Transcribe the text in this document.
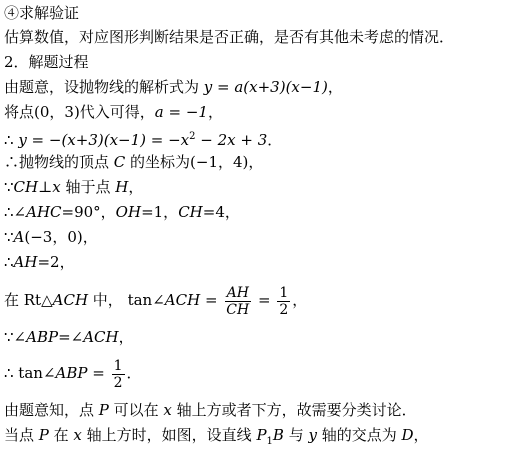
④求解验证
估算数值，对应图形判断结果是否正确，是否有其他未考虑的情况．
2．解题过程
由题意，设抛物线的解析式为 y = a(x+3)(x−1)，
将点(0，3)代入可得，a = −1，
∴ $y = -(x+3)(x-1) = -x^2 - 2x + 3$．
∴抛物线的顶点 C 的坐标为(−1，4)，
∵CH⊥x 轴于点 H，
∴∠AHC=90°，OH=1，CH=4，
∵A(−3，0)，
∴AH=2，
在 Rt△ACH 中， tan∠ACH = $\frac{AH}{CH} = \frac{1}{2}$ ，
∵∠ABP=∠ACH，
∴ tan∠ABP = $\frac{1}{2}$ ．
由题意知，点 P 可以在 x 轴上方或者下方，故需要分类讨论．
当点 P 在 x 轴上方时，如图，设直线 $P_1B$ 与 y 轴的交点为 D，
